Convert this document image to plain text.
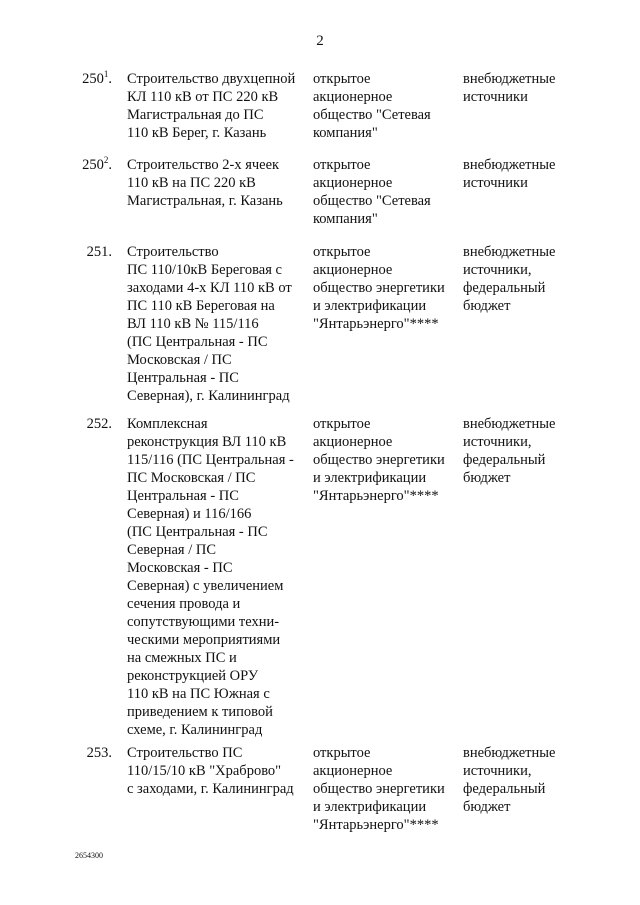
2
$250^1$. Строительство двухцепной
КЛ 110 кВ от ПС 220 кВ
Магистральная до ПС
110 кВ Берег, г. Казань
открытое
акционерное
общество "Сетевая
компания"
внебюджетные
источники
$250^2$. Строительство 2-х ячеек
110 кВ на ПС 220 кВ
Магистральная, г. Казань
открытое
акционерное
общество "Сетевая
компания"
внебюджетные
источники
251. Строительство
ПС 110/10кВ Береговая с
заходами 4-х КЛ 110 кВ от
ПС 110 кВ Береговая на
ВЛ 110 кВ № 115/116
(ПС Центральная - ПС
Московская / ПС
Центральная - ПС
Северная), г. Калининград
открытое
акционерное
общество энергетики
и электрификации
"Янтарьэнерго"****
внебюджетные
источники,
федеральный
бюджет
252. Комплексная
реконструкция ВЛ 110 кВ
115/116 (ПС Центральная -
ПС Московская / ПС
Центральная - ПС
Северная) и 116/166
(ПС Центральная - ПС
Северная / ПС
Московская - ПС
Северная) с увеличением
сечения провода и
сопутствующими техни-
ческими мероприятиями
на смежных ПС и
реконструкцией ОРУ
110 кВ на ПС Южная с
приведением к типовой
схеме, г. Калининград
открытое
акционерное
общество энергетики
и электрификации
"Янтарьэнерго"****
внебюджетные
источники,
федеральный
бюджет
253. Строительство ПС
110/15/10 кВ "Храброво"
с заходами, г. Калининград
открытое
акционерное
общество энергетики
и электрификации
"Янтарьэнерго"****
внебюджетные
источники,
федеральный
бюджет
2654300
